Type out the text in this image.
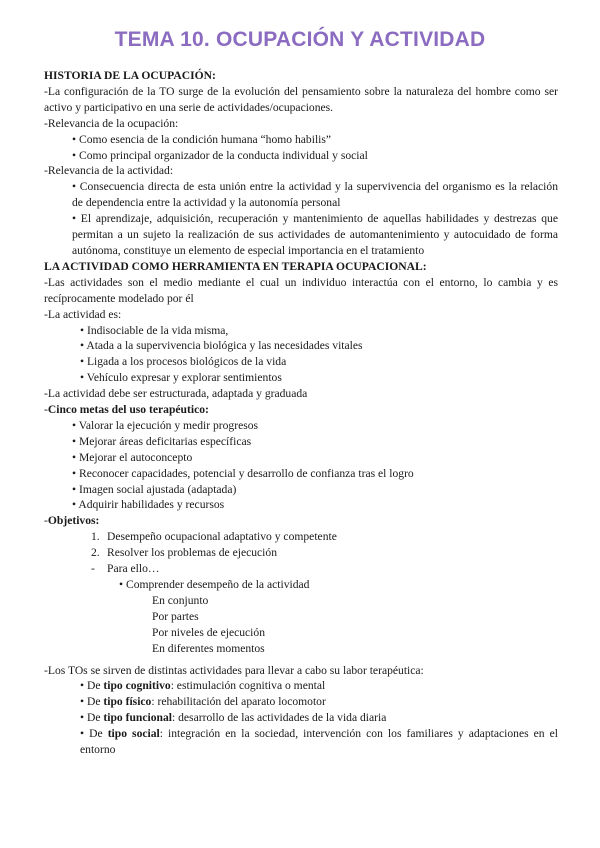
TEMA 10. OCUPACIÓN Y ACTIVIDAD

HISTORIA DE LA OCUPACIÓN:

-La configuración de la TO surge de la evolución del pensamiento sobre la naturaleza del hombre como ser activo y participativo en una serie de actividades/ocupaciones.

-Relevancia de la ocupación:

• Como esencia de la condición humana “homo habilis”

• Como principal organizador de la conducta individual y social

-Relevancia de la actividad:

• Consecuencia directa de esta unión entre la actividad y la supervivencia del organismo es la relación de dependencia entre la actividad y la autonomía personal

• El aprendizaje, adquisición, recuperación y mantenimiento de aquellas habilidades y destrezas que permitan a un sujeto la realización de sus actividades de automantenimiento y autocuidado de forma autónoma, constituye un elemento de especial importancia en el tratamiento

LA ACTIVIDAD COMO HERRAMIENTA EN TERAPIA OCUPACIONAL:

-Las actividades son el medio mediante el cual un individuo interactúa con el entorno, lo cambia y es recíprocamente modelado por él

-La actividad es:

• Indisociable de la vida misma,

• Atada a la supervivencia biológica y las necesidades vitales

• Ligada a los procesos biológicos de la vida

• Vehículo expresar y explorar sentimientos

-La actividad debe ser estructurada, adaptada y graduada

-Cinco metas del uso terapéutico:

• Valorar la ejecución y medir progresos

• Mejorar áreas deficitarias específicas

• Mejorar el autoconcepto

• Reconocer capacidades, potencial y desarrollo de confianza tras el logro

• Imagen social ajustada (adaptada)

• Adquirir habilidades y recursos

-Objetivos:

1. Desempeño ocupacional adaptativo y competente

2. Resolver los problemas de ejecución

- Para ello…

• Comprender desempeño de la actividad

En conjunto

Por partes

Por niveles de ejecución

En diferentes momentos

-Los TOs se sirven de distintas actividades para llevar a cabo su labor terapéutica:

• De tipo cognitivo: estimulación cognitiva o mental

• De tipo físico: rehabilitación del aparato locomotor

• De tipo funcional: desarrollo de las actividades de la vida diaria

• De tipo social: integración en la sociedad, intervención con los familiares y adaptaciones en el entorno
